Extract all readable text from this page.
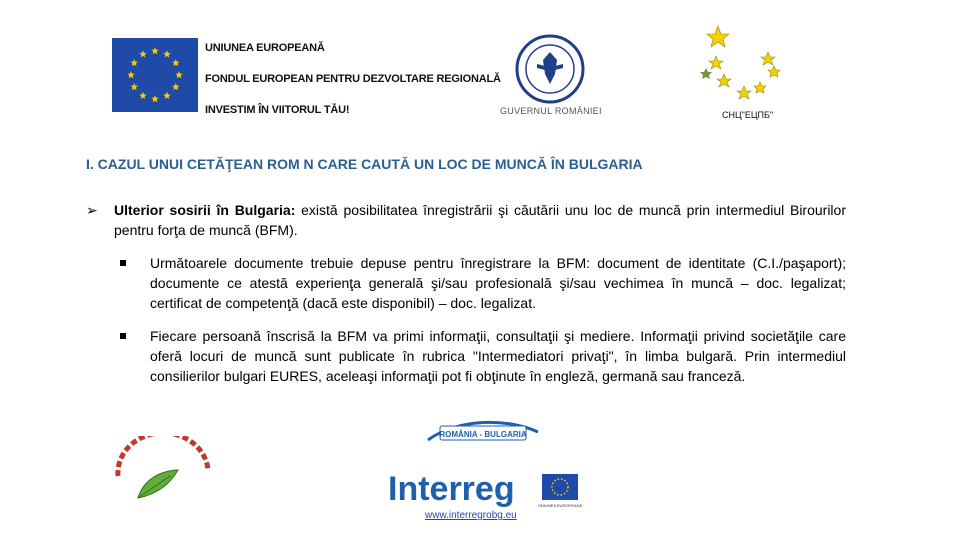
UNIUNEA EUROPEANĂ
FONDUL EUROPEAN PENTRU DEZVOLTARE REGIONALĂ
INVESTIM ÎN VIITORUL TĂU!	GUVERNUL ROMÂNIEI	СНЦ"ЕЦПБ"
I. CAZUL UNUI CETĂŢEAN ROM N CARE CAUTĂ UN LOC DE MUNCĂ ÎN BULGARIA
➢ Ulterior sosirii în Bulgaria: există posibilitatea înregistrării şi căutării unu loc de muncă prin intermediul Birourilor pentru forţa de muncă (BFM).
Următoarele documente trebuie depuse pentru înregistrare la BFM: document de identitate (C.I./paşaport); documente ce atestă experienţa generală şi/sau profesională şi/sau vechimea în muncă – doc. legalizat; certificat de competenţă (dacă este disponibil) – doc. legalizat.
Fiecare persoană înscrisă la BFM va primi informaţii, consultaţii şi mediere. Informaţii privind societăţile care oferă locuri de muncă sunt publicate în rubrica "Intermediatori privaţi", în limba bulgară. Prin intermediul consilierilor bulgari EURES, aceleaşi informaţii pot fi obţinute în engleză, germană sau franceză.
ROMÂNIA - BULGARIA
Interreg	UNIUNEA EUROPEANĂ
www.interregrobg.eu
